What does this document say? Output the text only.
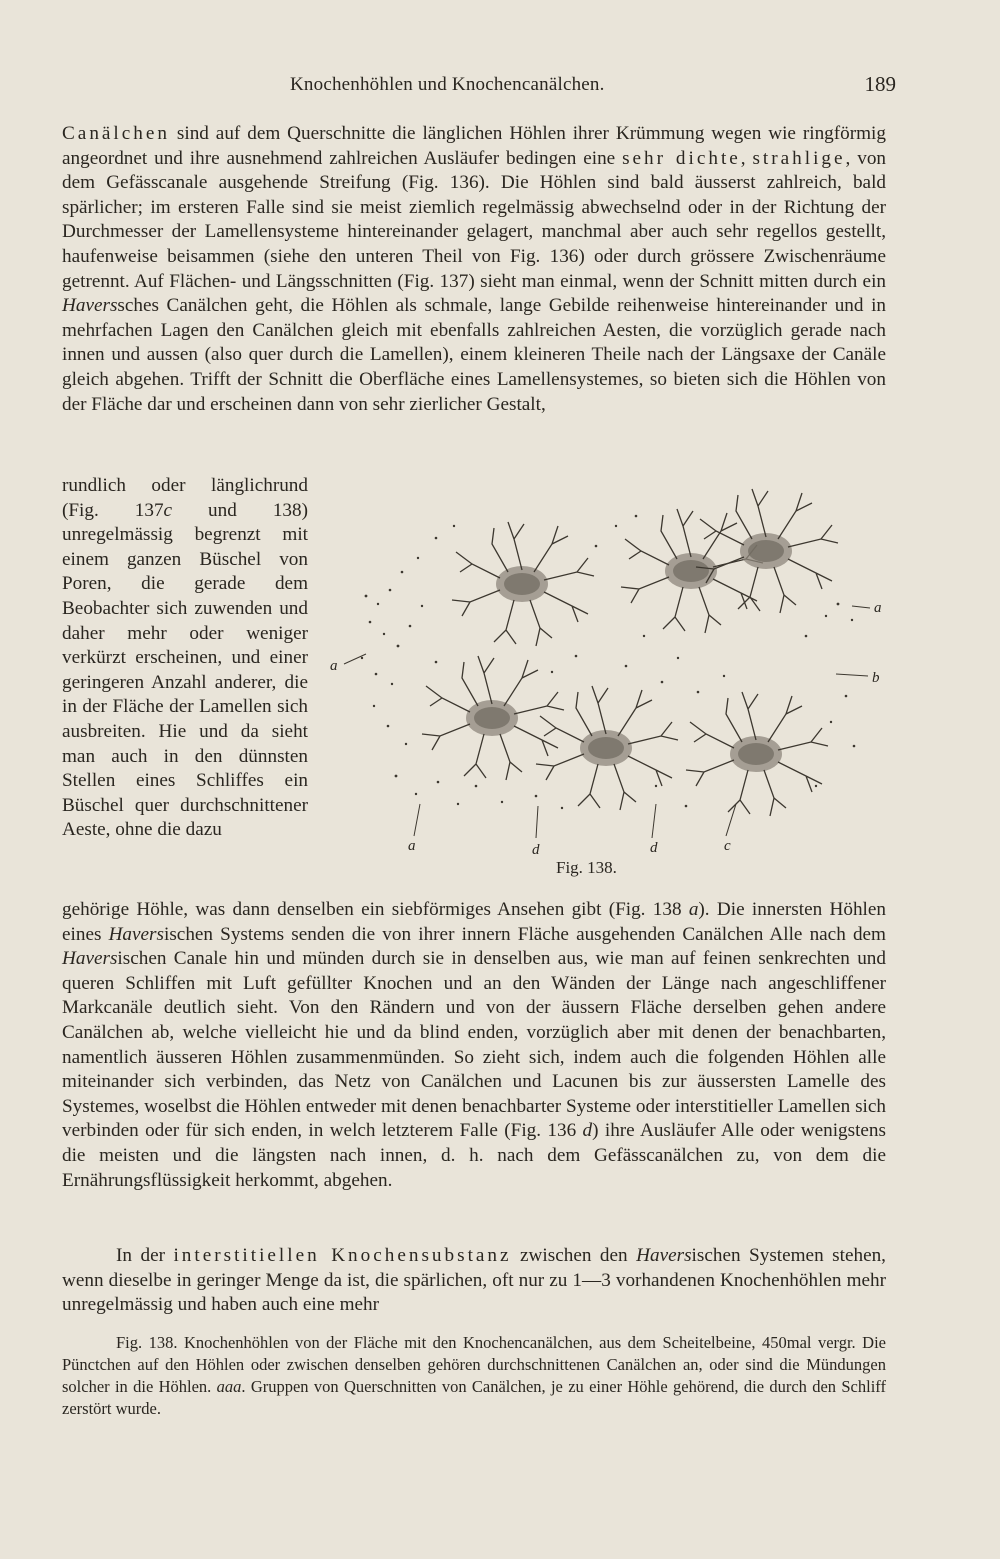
Knochenhöhlen und Knochencanälchen.	189

Canälchen sind auf dem Querschnitte die länglichen Höhlen ihrer Krümmung wegen wie ringförmig angeordnet und ihre ausnehmend zahlreichen Ausläufer bedingen eine sehr dichte, strahlige, von dem Gefässcanale ausgehende Streifung (Fig. 136). Die Höhlen sind bald äusserst zahlreich, bald spärlicher; im ersteren Falle sind sie meist ziemlich regelmässig abwechselnd oder in der Richtung der Durchmesser der Lamellensysteme hintereinander gelagert, manchmal aber auch sehr regellos gestellt, haufenweise beisammen (siehe den unteren Theil von Fig. 136) oder durch grössere Zwischenräume getrennt. Auf Flächen- und Längsschnitten (Fig. 137) sieht man einmal, wenn der Schnitt mitten durch ein Haverssches Canälchen geht, die Höhlen als schmale, lange Gebilde reihenweise hintereinander und in mehrfachen Lagen den Canälchen gleich mit ebenfalls zahlreichen Aesten, die vorzüglich gerade nach innen und aussen (also quer durch die Lamellen), einem kleineren Theile nach der Längsaxe der Canäle gleich abgehen. Trifft der Schnitt die Oberfläche eines Lamellensystemes, so bieten sich die Höhlen von der Fläche dar und erscheinen dann von sehr zierlicher Gestalt,

rundlich oder länglichrund (Fig. 137c und 138) unregelmässig begrenzt mit einem ganzen Büschel von Poren, die gerade dem Beobachter sich zuwenden und daher mehr oder weniger verkürzt erscheinen, und einer geringeren Anzahl anderer, die in der Fläche der Lamellen sich ausbreiten. Hie und da sieht man auch in den dünnsten Stellen eines Schliffes ein Büschel quer durchschnittener Aeste, ohne die dazu
a
a
b
a	d	d	c
Fig. 138.

gehörige Höhle, was dann denselben ein siebförmiges Ansehen gibt (Fig. 138 a). Die innersten Höhlen eines Haversischen Systems senden die von ihrer innern Fläche ausgehenden Canälchen Alle nach dem Haversischen Canale hin und münden durch sie in denselben aus, wie man auf feinen senkrechten und queren Schliffen mit Luft gefüllter Knochen und an den Wänden der Länge nach angeschliffener Markcanäle deutlich sieht. Von den Rändern und von der äussern Fläche derselben gehen andere Canälchen ab, welche vielleicht hie und da blind enden, vorzüglich aber mit denen der benachbarten, namentlich äusseren Höhlen zusammenmünden. So zieht sich, indem auch die folgenden Höhlen alle miteinander sich verbinden, das Netz von Canälchen und Lacunen bis zur äussersten Lamelle des Systemes, woselbst die Höhlen entweder mit denen benachbarter Systeme oder interstitieller Lamellen sich verbinden oder für sich enden, in welch letzterem Falle (Fig. 136 d) ihre Ausläufer Alle oder wenigstens die meisten und die längsten nach innen, d. h. nach dem Gefässcanälchen zu, von dem die Ernährungsflüssigkeit herkommt, abgehen.

In der interstitiellen Knochensubstanz zwischen den Haversischen Systemen stehen, wenn dieselbe in geringer Menge da ist, die spärlichen, oft nur zu 1—3 vorhandenen Knochenhöhlen mehr unregelmässig und haben auch eine mehr

Fig. 138. Knochenhöhlen von der Fläche mit den Knochencanälchen, aus dem Scheitelbeine, 450mal vergr. Die Pünctchen auf den Höhlen oder zwischen denselben gehören durchschnittenen Canälchen an, oder sind die Mündungen solcher in die Höhlen. aaa. Gruppen von Querschnitten von Canälchen, je zu einer Höhle gehörend, die durch den Schliff zerstört wurde.
